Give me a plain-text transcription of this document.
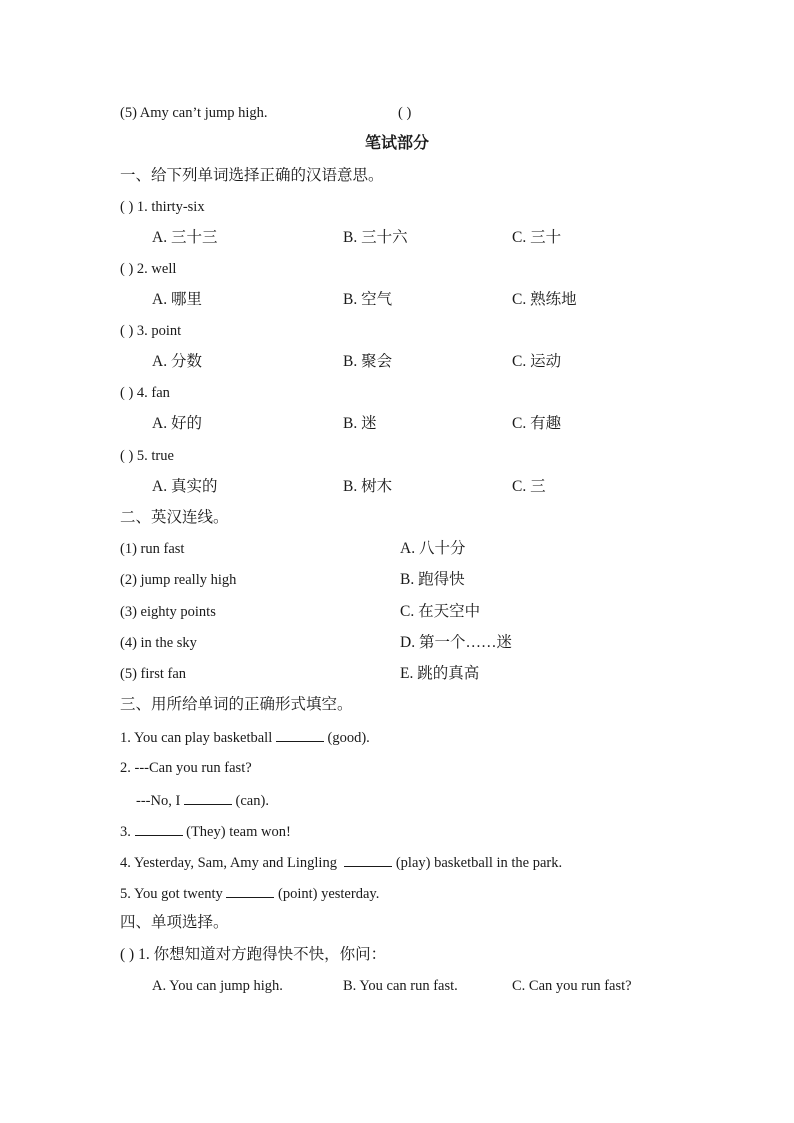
(5) Amy can’t jump high.	( )
笔试部分
一、给下列单词选择正确的汉语意思。
( ) 1. thirty-six
A. 三十三	B. 三十六	C. 三十
( ) 2. well
A. 哪里	B. 空气	C. 熟练地
( ) 3. point
A. 分数	B. 聚会	C. 运动
( ) 4. fan
A. 好的	B. 迷	C. 有趣
( ) 5. true
A. 真实的	B. 树木	C. 三
二、英汉连线。
(1) run fast	A. 八十分
(2) jump really high	B. 跑得快
(3) eighty points	C. 在天空中
(4) in the sky	D. 第一个……迷
(5) first fan	E. 跳的真高
三、用所给单词的正确形式填空。
1. You can play basketball	(good).
2. ---Can you run fast?
---No, I	(can).
3.	(They) team won!
4. Yesterday, Sam, Amy and Lingling	(play) basketball in the park.
5. You got twenty	(point) yesterday.
四、单项选择。
( ) 1. 你想知道对方跑得快不快，你问：
A. You can jump high.	B. You can run fast.	C. Can you run fast?
